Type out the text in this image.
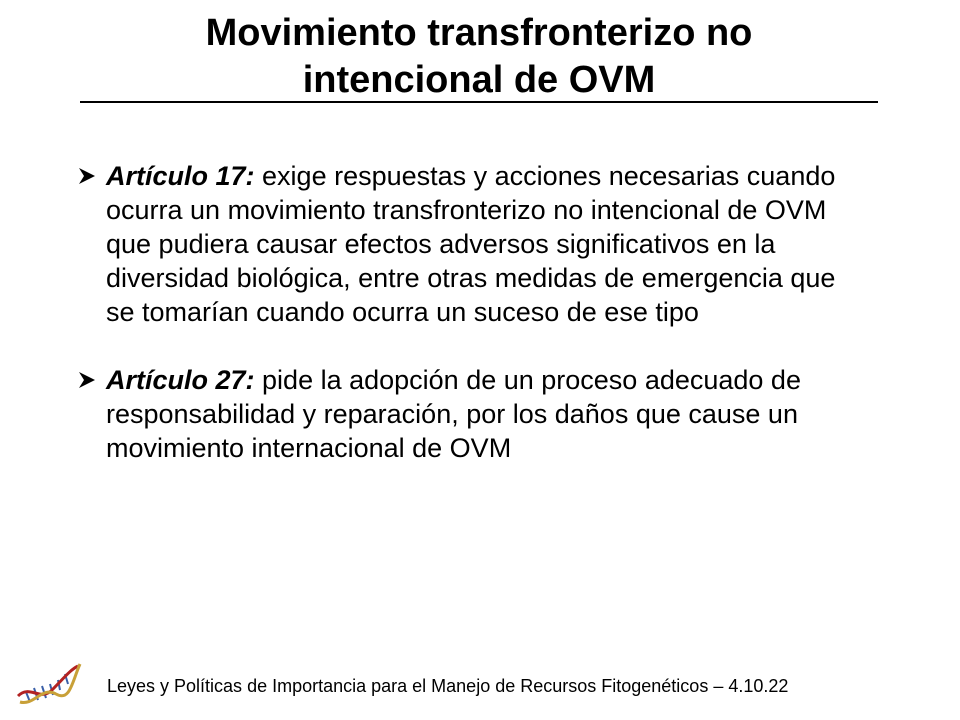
Movimiento transfronterizo no
intencional de OVM
Artículo 17: exige respuestas y acciones necesarias cuando ocurra un movimiento transfronterizo no intencional de OVM que pudiera causar efectos adversos significativos en la diversidad biológica, entre otras medidas de emergencia que se tomarían cuando ocurra un suceso de ese tipo
Artículo 27: pide la adopción de un proceso adecuado de responsabilidad y reparación, por los daños que cause un movimiento internacional de OVM
Leyes y Políticas de Importancia para el Manejo de Recursos Fitogenéticos – 4.10.22
